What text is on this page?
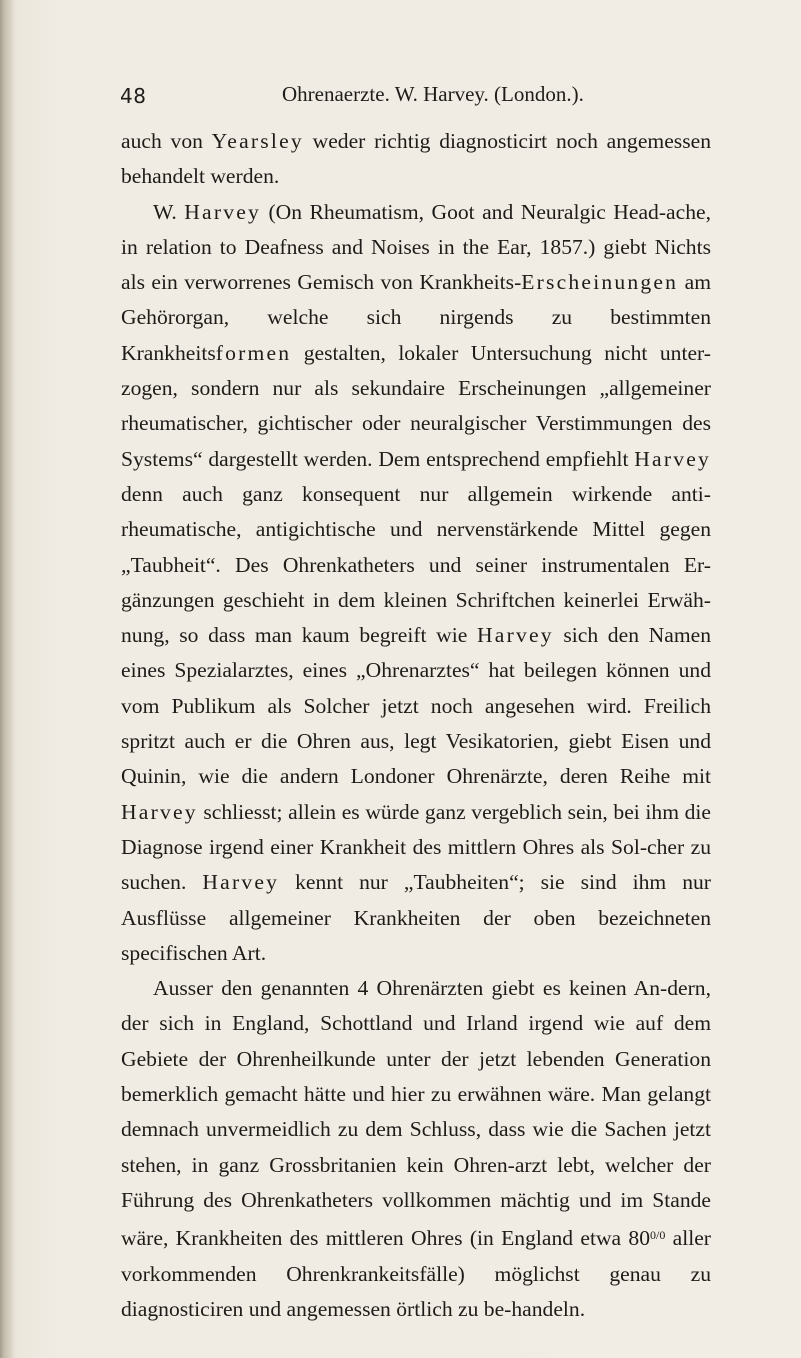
48	Ohrenaerzte. W. Harvey. (London.).

auch von Yearsley weder richtig diagnosticirt noch angemessen behandelt werden.

W. Harvey (On Rheumatism, Goot and Neuralgic Head-ache, in relation to Deafness and Noises in the Ear, 1857.) giebt Nichts als ein verworrenes Gemisch von Krankheits-Erscheinungen am Gehörorgan, welche sich nirgends zu bestimmten Krankheitsformen gestalten, lokaler Untersuchung nicht unter-zogen, sondern nur als sekundaire Erscheinungen „allgemeiner rheumatischer, gichtischer oder neuralgischer Verstimmungen des Systems“ dargestellt werden. Dem entsprechend empfiehlt Harvey denn auch ganz konsequent nur allgemein wirkende anti-rheumatische, antigichtische und nervenstärkende Mittel gegen „Taubheit“. Des Ohrenkatheters und seiner instrumentalen Er-gänzungen geschieht in dem kleinen Schriftchen keinerlei Erwäh-nung, so dass man kaum begreift wie Harvey sich den Namen eines Spezialarztes, eines „Ohrenarztes“ hat beilegen können und vom Publikum als Solcher jetzt noch angesehen wird. Freilich spritzt auch er die Ohren aus, legt Vesikatorien, giebt Eisen und Quinin, wie die andern Londoner Ohrenärzte, deren Reihe mit Harvey schliesst; allein es würde ganz vergeblich sein, bei ihm die Diagnose irgend einer Krankheit des mittlern Ohres als Sol-cher zu suchen. Harvey kennt nur „Taubheiten“; sie sind ihm nur Ausflüsse allgemeiner Krankheiten der oben bezeichneten specifischen Art.

Ausser den genannten 4 Ohrenärzten giebt es keinen An-dern, der sich in England, Schottland und Irland irgend wie auf dem Gebiete der Ohrenheilkunde unter der jetzt lebenden Generation bemerklich gemacht hätte und hier zu erwähnen wäre. Man gelangt demnach unvermeidlich zu dem Schluss, dass wie die Sachen jetzt stehen, in ganz Grossbritanien kein Ohren-arzt lebt, welcher der Führung des Ohrenkatheters vollkommen mächtig und im Stande wäre, Krankheiten des mittleren Ohres (in England etwa $80^{0/0}$ aller vorkommenden Ohrenkrankeitsfälle) möglichst genau zu diagnosticiren und angemessen örtlich zu be-handeln.
